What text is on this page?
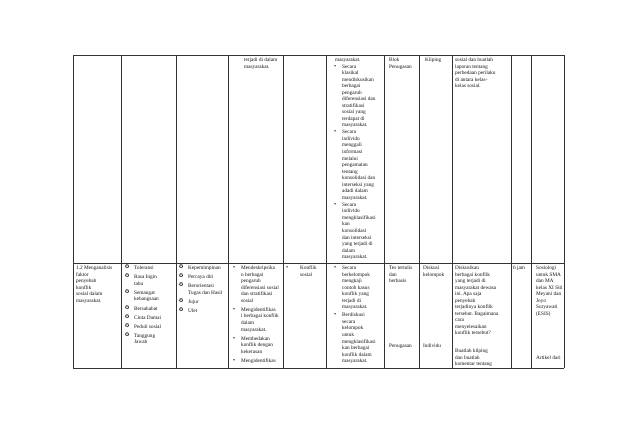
terjadi di dalam
masyarakat.
masyarakat.
• Secara
klasikal
mendiskusikan
berbagai
pengaruh
diferensiasi dan
stratifikasi
sosial yang
terdapat di
masyarakat.
• Secara
individu
menggali
informasi
melalui
pengamatan
tentang
konsolidasi dan
interseksi yang
adadi dalam
masyarakat.
• Secara
individu
mengklasifikasi
kan
konsolidasi
dan interseksi
yang terjadi di
dalam
masyarakat.
Blok
Penugasan
Kliping	sosial dan buatlah
laporan tentang
perbedaan perilaku
di antara kelas-
kelas sosial.
1.2 Menganalisis
faktor
penyebab
konflik
sosial dalam
masyarakat.
✪ Toleransi
✪ Rasa Ingin
tahu
✪ Semangat
kebangsaan
✪ Bersahabat
✪ Cinta Damai
✪ Peduli sosial
✪ Tanggung
Jawab
✪ Kepemimpinan
✪ Percaya diri
✪ Berorientasi
Tugas dan Hasil
✪ Jujur
✪ Ulet
• Mendeskripsika
n berbagai
pengaruh
diferensiasi sosial
dan stratifikasi
sosial
• Mengidentifikas
i berbagai konflik
dalam
masyarakat.
• Membedakan
konflik dengan
kekerasan
• Mengidentifikas
• Konflik
sosial
• Secara
berkelompok
mengkaji
contoh kasus
konflik yang
terjadi di
masyarakat.
• Berdiskusi
secara
kelompok
untuk
mengklasifikasi
kan berbagai
konflik dalam
masyarakat.
Tes tertulis
dan
berbasis
Penugasan
Diskusi
kelompok
Individu
Diskusikan
berbagai konflik
yang terjadi di
masyarakat dewasa
ini. Apa saja
penyebab
terjadinya konflik
tersebut. Bagaimana
cara
menyelesaikan
konflik tersebut?
Buatlah kliping
dan buatlah
komentar tentang
6 jam Sosiologi
untuk SMA
dan MA
kelas XI Siti
Meyani dan
Joyo
Suryawati
(ESIS)
Artikel dari
